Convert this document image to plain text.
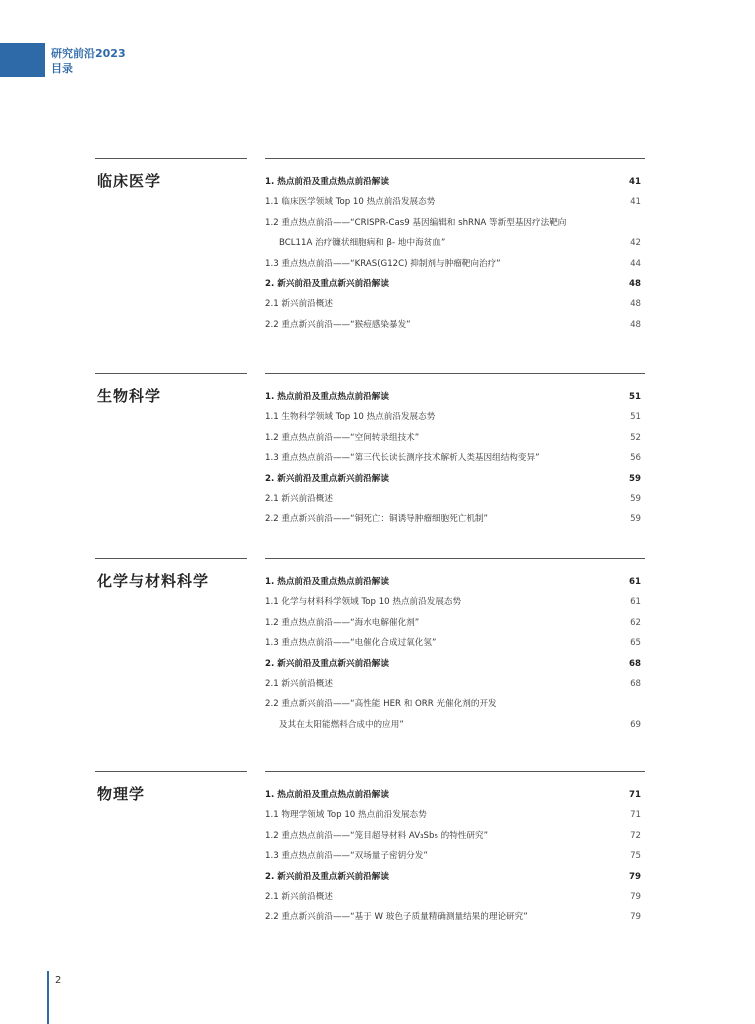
研究前沿2023
目录
临床医学	1. 热点前沿及重点热点前沿解读	41
1.1 临床医学领域 Top 10 热点前沿发展态势	41
1.2 重点热点前沿——“CRISPR-Cas9 基因编辑和 shRNA 等新型基因疗法靶向
BCL11A 治疗镰状细胞病和 β- 地中海贫血”	42
1.3 重点热点前沿——“KRAS(G12C) 抑制剂与肿瘤靶向治疗”	44
2. 新兴前沿及重点新兴前沿解读	48
2.1 新兴前沿概述	48
2.2 重点新兴前沿——“猴痘感染暴发”	48
生物科学	1. 热点前沿及重点热点前沿解读	51
1.1 生物科学领域 Top 10 热点前沿发展态势	51
1.2 重点热点前沿——“空间转录组技术”	52
1.3 重点热点前沿——“第三代长读长测序技术解析人类基因组结构变异”	56
2. 新兴前沿及重点新兴前沿解读	59
2.1 新兴前沿概述	59
2.2 重点新兴前沿——“铜死亡：铜诱导肿瘤细胞死亡机制”	59
化学与材料科学	1. 热点前沿及重点热点前沿解读	61
1.1 化学与材料科学领域 Top 10 热点前沿发展态势	61
1.2 重点热点前沿——“海水电解催化剂”	62
1.3 重点热点前沿——“电催化合成过氧化氢”	65
2. 新兴前沿及重点新兴前沿解读	68
2.1 新兴前沿概述	68
2.2 重点新兴前沿——“高性能 HER 和 ORR 光催化剂的开发
及其在太阳能燃料合成中的应用”	69
物理学	1. 热点前沿及重点热点前沿解读	71
1.1 物理学领域 Top 10 热点前沿发展态势	71
1.2 重点热点前沿——“笼目超导材料 AV₃Sb₅ 的特性研究”	72
1.3 重点热点前沿——“双场量子密钥分发”	75
2. 新兴前沿及重点新兴前沿解读	79
2.1 新兴前沿概述	79
2.2 重点新兴前沿——“基于 W 玻色子质量精确测量结果的理论研究”	79
2
